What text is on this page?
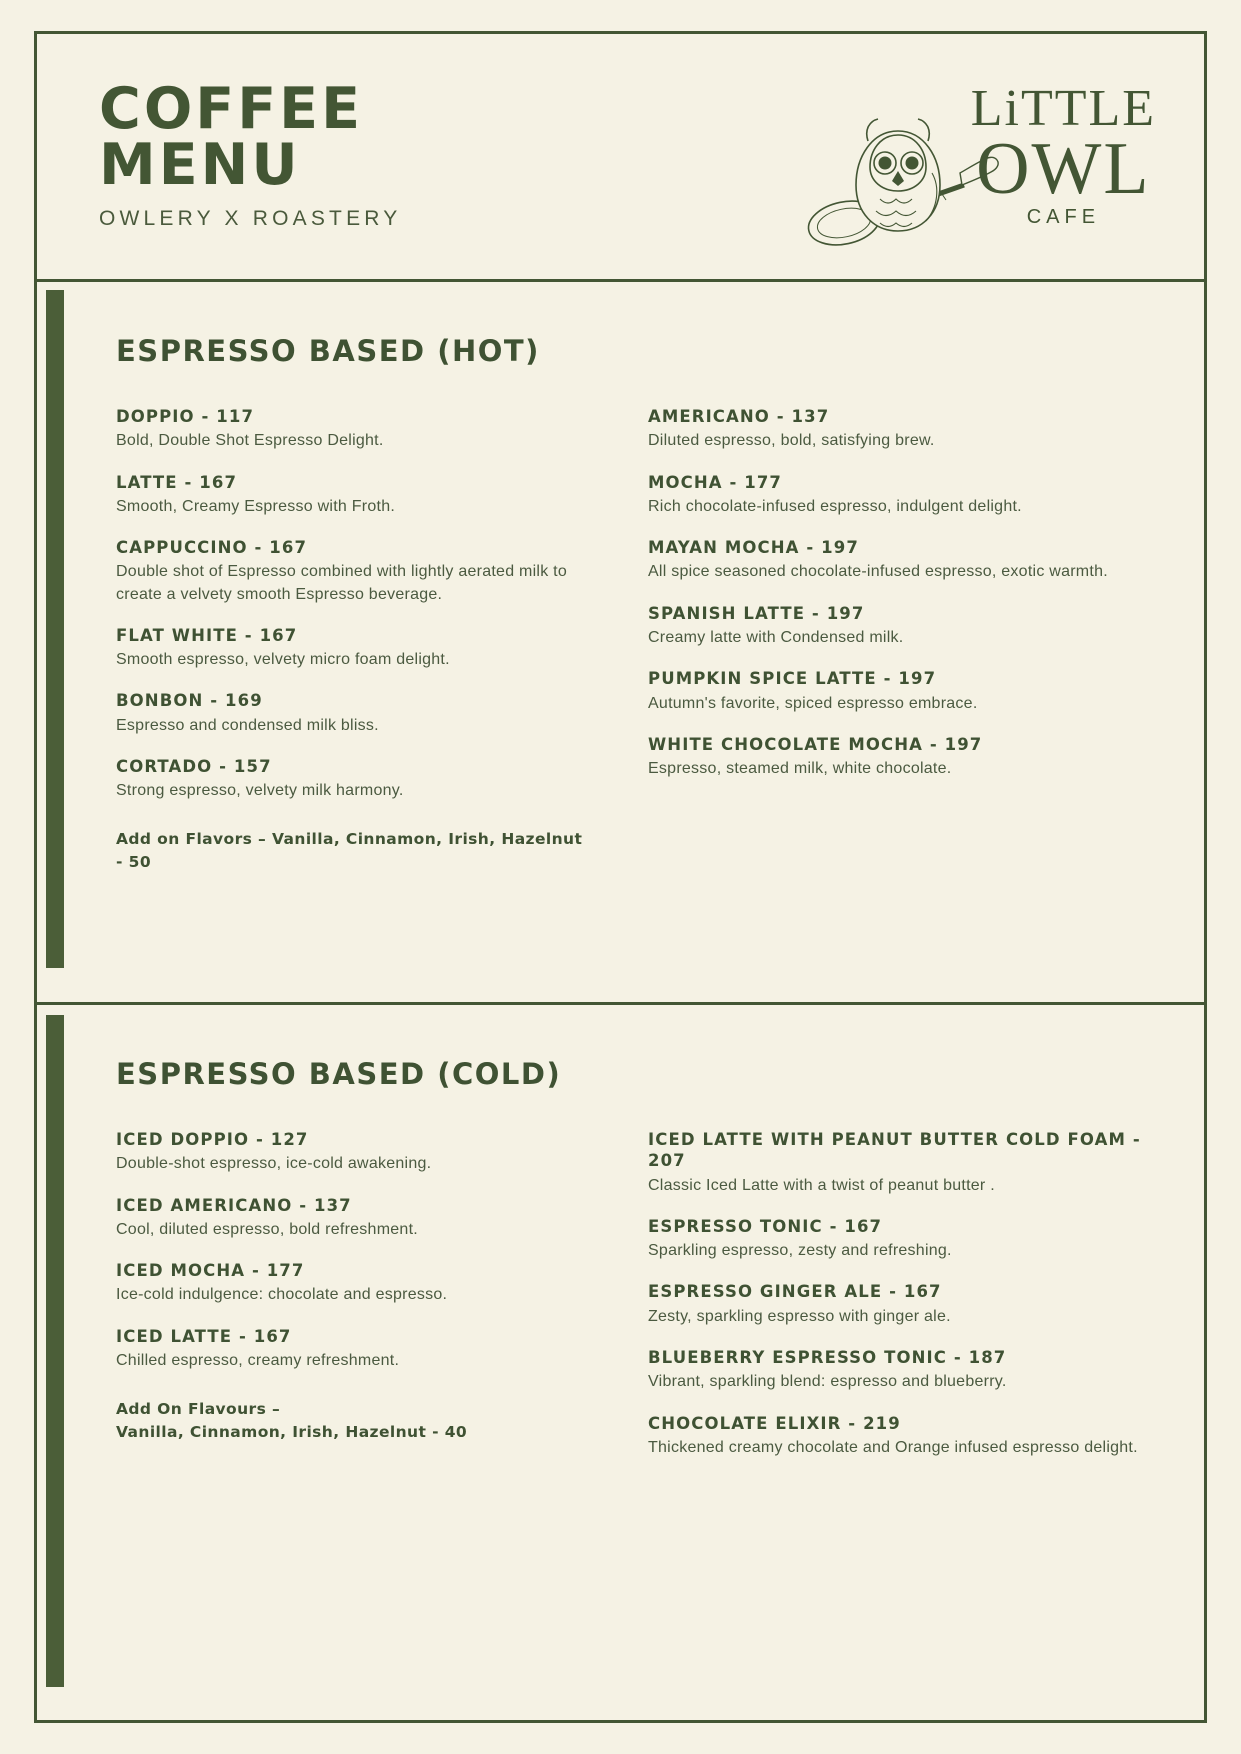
COFFEE
MENU
OWLERY X ROASTERY
LiTTLE
OWL
CAFE
ESPRESSO BASED (HOT)
DOPPIO - 117
Bold, Double Shot Espresso Delight.
LATTE - 167
Smooth, Creamy Espresso with Froth.
CAPPUCCINO - 167
Double shot of Espresso combined with lightly aerated milk to create a velvety smooth Espresso beverage.
FLAT WHITE - 167
Smooth espresso, velvety micro foam delight.
BONBON - 169
Espresso and condensed milk bliss.
CORTADO - 157
Strong espresso, velvety milk harmony.
Add on Flavors – Vanilla, Cinnamon, Irish, Hazelnut - 50
AMERICANO - 137
Diluted espresso, bold, satisfying brew.
MOCHA - 177
Rich chocolate-infused espresso, indulgent delight.
MAYAN MOCHA - 197
All spice seasoned chocolate-infused espresso, exotic warmth.
SPANISH LATTE - 197
Creamy latte with Condensed milk.
PUMPKIN SPICE LATTE - 197
Autumn's favorite, spiced espresso embrace.
WHITE CHOCOLATE MOCHA - 197
Espresso, steamed milk, white chocolate.
ESPRESSO BASED (COLD)
ICED DOPPIO - 127
Double-shot espresso, ice-cold awakening.
ICED AMERICANO - 137
Cool, diluted espresso, bold refreshment.
ICED MOCHA - 177
Ice-cold indulgence: chocolate and espresso.
ICED LATTE - 167
Chilled espresso, creamy refreshment.
Add On Flavours –
Vanilla, Cinnamon, Irish, Hazelnut - 40
ICED LATTE WITH PEANUT BUTTER COLD FOAM - 207
Classic Iced Latte with a twist of peanut butter .
ESPRESSO TONIC - 167
Sparkling espresso, zesty and refreshing.
ESPRESSO GINGER ALE - 167
Zesty, sparkling espresso with ginger ale.
BLUEBERRY ESPRESSO TONIC - 187
Vibrant, sparkling blend: espresso and blueberry.
CHOCOLATE ELIXIR - 219
Thickened creamy chocolate and Orange infused espresso delight.
